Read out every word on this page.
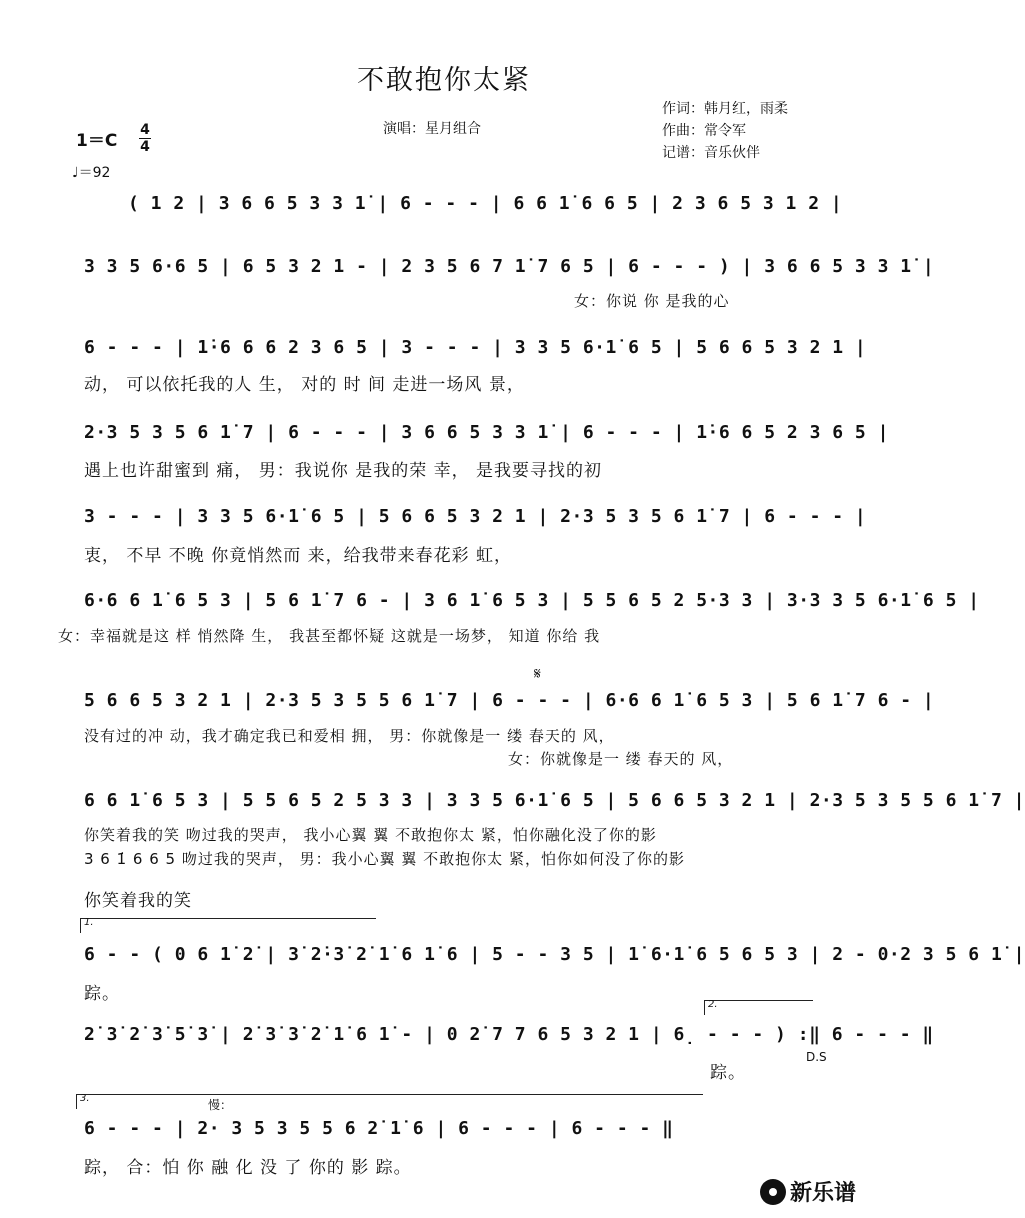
不敢抱你太紧
演唱：星月组合
作词：韩月红，雨柔
作曲：常令军
记谱：音乐伙伴
1＝C
4
4
♩＝92
( 1 2 | 3 6 6 5 3 3 1̇ | 6 - - - | 6 6 1̇ 6 6 5 | 2 3 6 5 3 1 2 |
3 3 5 6·6 5 | 6 5 3 2 1 - | 2 3 5 6 7 1̇ 7 6 5 | 6 - - - ) | 3 6 6 5 3 3 1̇ |
女：你说 你 是我的心
6 - - - | 1̇·6 6 6 2 3 6 5 | 3 - - - | 3 3 5 6·1̇ 6 5 | 5 6 6 5 3 2 1 |
动， 可以依托我的人 生， 对的 时 间 走进一场风 景，
2·3 5 3 5 6 1̇ 7 | 6 - - - | 3 6 6 5 3 3 1̇ | 6 - - - | 1̇·6 6 5 2 3 6 5 |
遇上也许甜蜜到 痛， 男：我说你 是我的荣 幸， 是我要寻找的初
3 - - - | 3 3 5 6·1̇ 6 5 | 5 6 6 5 3 2 1 | 2·3 5 3 5 6 1̇ 7 | 6 - - - |
衷， 不早 不晚 你竟悄然而 来，给我带来春花彩 虹，
6·6 6 1̇ 6 5 3 | 5 6 1̇ 7 6 - | 3 6 1̇ 6 5 3 | 5 5 6 5 2 5·3 3 | 3·3 3 5 6·1̇ 6 5 |
女：幸福就是这 样 悄然降 生， 我甚至都怀疑 这就是一场梦， 知道 你给 我
𝄋
5 6 6 5 3 2 1 | 2·3 5 3 5 5 6 1̇ 7 | 6 - - - | 6·6 6 1̇ 6 5 3 | 5 6 1̇ 7 6 - |
没有过的冲 动，我才确定我已和爱相 拥， 男：你就像是一 缕 春天的 风，
女：你就像是一 缕 春天的 风，
6 6 1̇ 6 5 3 | 5 5 6 5 2 5 3 3 | 3 3 5 6·1̇ 6 5 | 5 6 6 5 3 2 1 | 2·3 5 3 5 5 6 1̇ 7 |
你笑着我的笑 吻过我的哭声， 我小心翼 翼 不敢抱你太 紧，怕你融化没了你的影
3 6 1̇ 6 6 5 吻过我的哭声， 男：我小心翼 翼 不敢抱你太 紧，怕你如何没了你的影
你笑着我的笑
1.
6 - - ( 0 6 1̇ 2̇ | 3̇ 2̇·3̇ 2̇ 1̇ 6 1̇ 6 | 5 - - 3 5 | 1̇ 6·1̇ 6 5 6 5 3 | 2 - 0·2 3 5 6 1̇ |
踪。
2.
2̇ 3̇ 2̇ 3̇ 5̇ 3̇ | 2̇ 3̇ 3̇ 2̇ 1̇ 6 1̇ - | 0 2̇ 7 7 6 5 3 2 1 | 6̣ - - - ) :‖ 6 - - - ‖
D.S
踪。
3.	慢：
6 - - - | 2· 3 5 3 5 5 6 2̇ 1̇ 6 | 6 - - - | 6 - - - ‖
踪， 合：怕 你 融 化 没 了 你的 影 踪。
新乐谱
